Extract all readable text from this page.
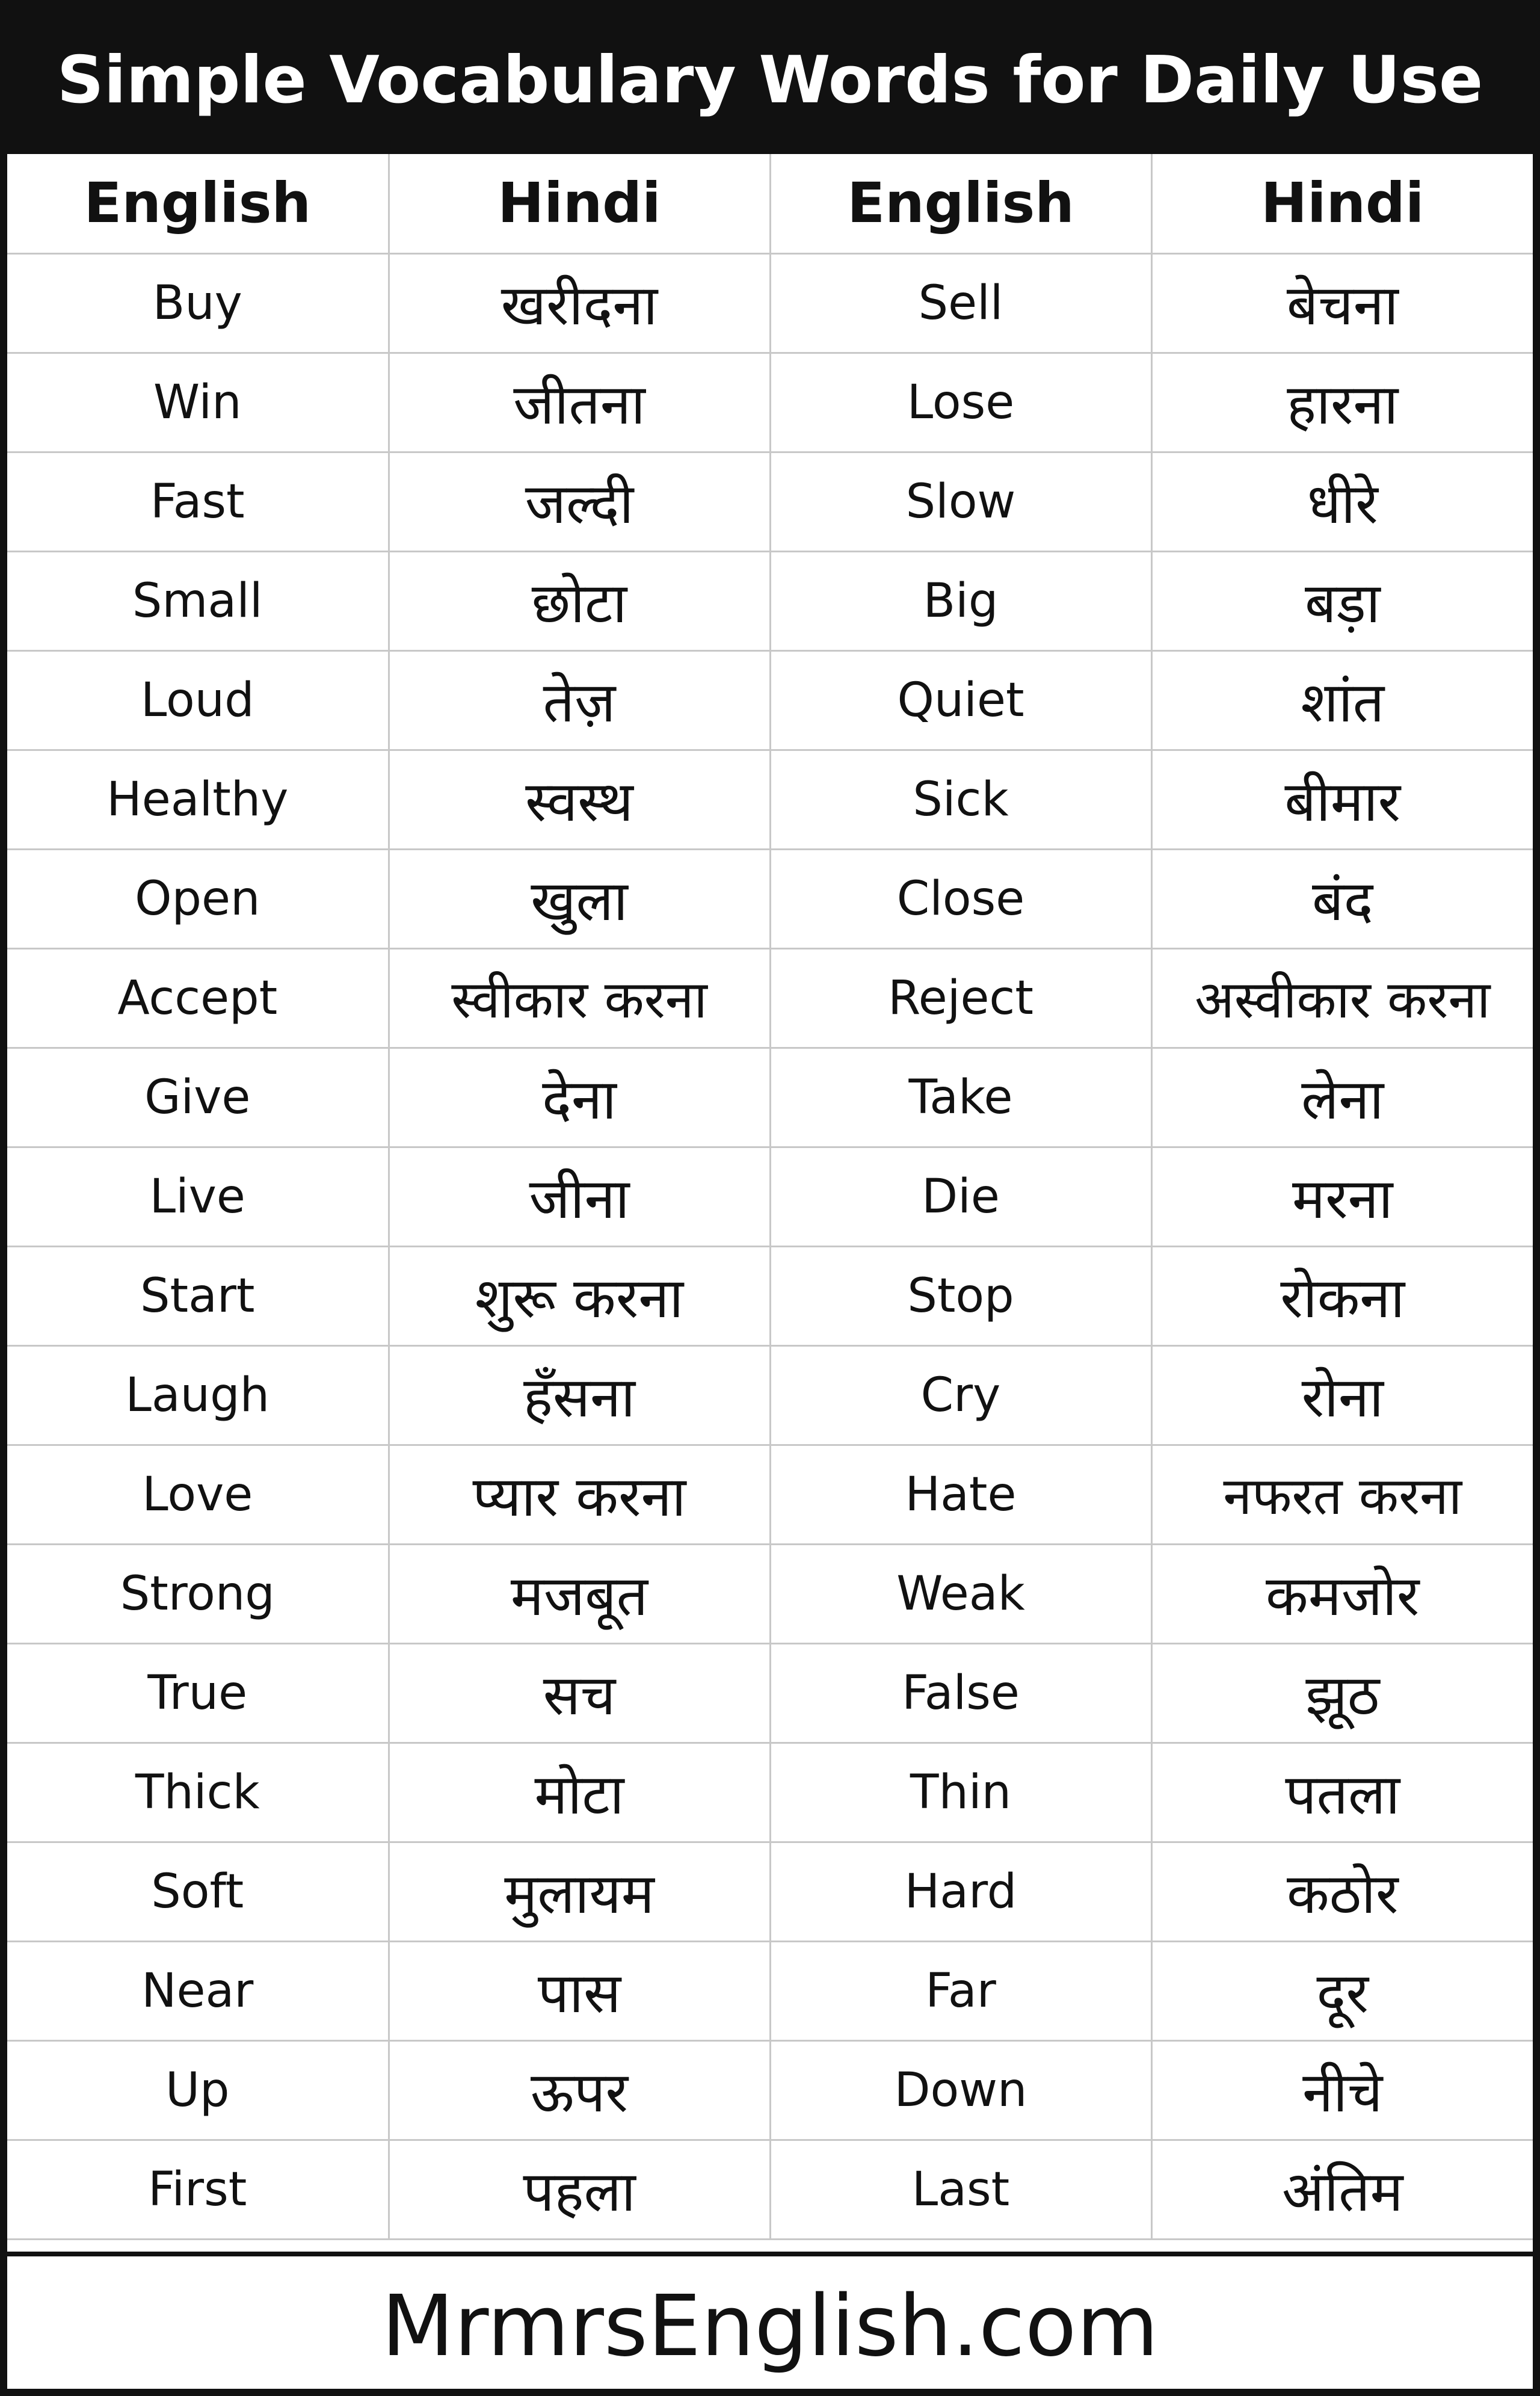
Simple Vocabulary Words for Daily Use
English	Hindi	English	Hindi
Buy	खरीदना	Sell	बेचना
Win	जीतना	Lose	हारना
Fast	जल्दी	Slow	धीरे
Small	छोटा	Big	बड़ा
Loud	तेज़	Quiet	शांत
Healthy	स्वस्थ	Sick	बीमार
Open	खुला	Close	बंद
Accept	स्वीकार करना	Reject	अस्वीकार करना
Give	देना	Take	लेना
Live	जीना	Die	मरना
Start	शुरू करना	Stop	रोकना
Laugh	हँसना	Cry	रोना
Love	प्यार करना	Hate	नफरत करना
Strong	मजबूत	Weak	कमजोर
True	सच	False	झूठ
Thick	मोटा	Thin	पतला
Soft	मुलायम	Hard	कठोर
Near	पास	Far	दूर
Up	ऊपर	Down	नीचे
First	पहला	Last	अंतिम
MrmrsEnglish.com
